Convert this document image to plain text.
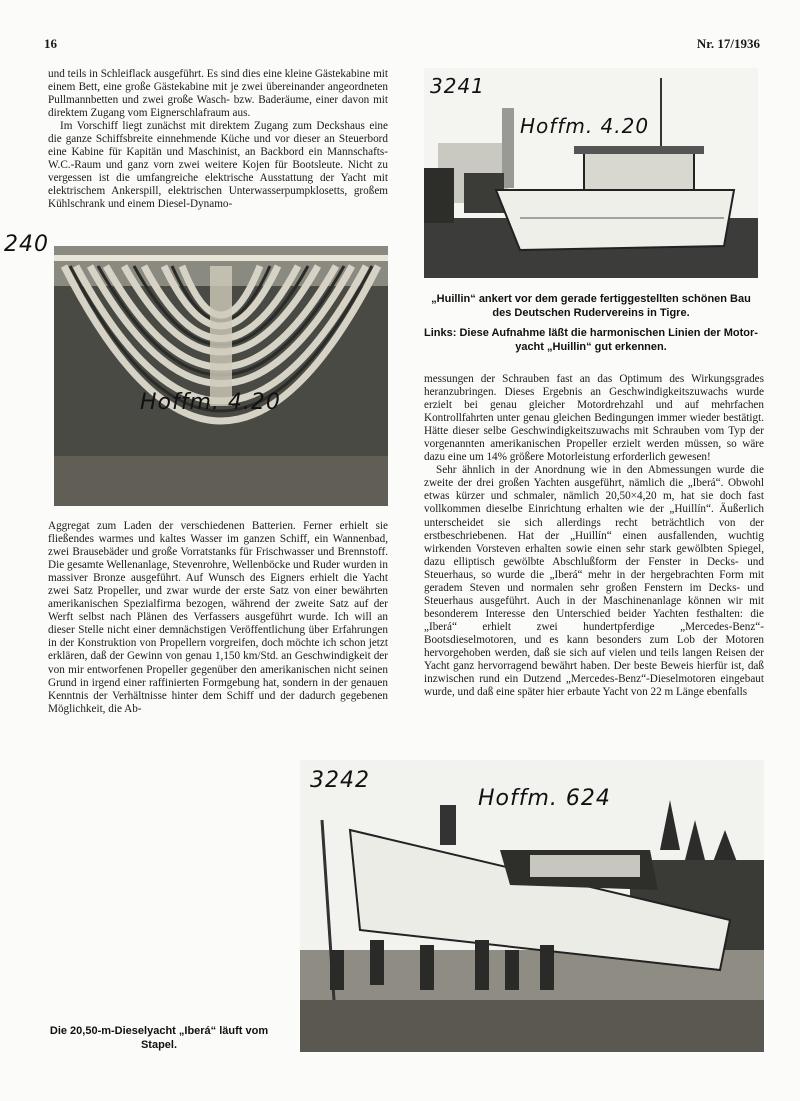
16	Nr. 17/1936

und teils in Schleiflack ausgeführt. Es sind dies eine kleine Gästekabine mit einem Bett, eine große Gästekabine mit je zwei übereinander angeordneten Pullmannbetten und zwei große Wasch- bzw. Baderäume, einer davon mit direktem Zugang vom Eignerschlafraum aus.

Im Vorschiff liegt zunächst mit direktem Zugang zum Deckshaus eine die ganze Schiffsbreite einnehmende Küche und vor dieser an Steuerbord eine Kabine für Kapitän und Maschinist, an Backbord ein Mannschafts-W.C.-Raum und ganz vorn zwei weitere Kojen für Bootsleute. Nicht zu vergessen ist die umfangreiche elektrische Ausstattung der Yacht mit elektrischem Ankerspill, elektrischen Unterwasserpumpklosetts, großem Kühlschrank und einem Diesel-Dynamo-

240
Hoffm. 4.20

Aggregat zum Laden der verschiedenen Batterien. Ferner erhielt sie fließendes warmes und kaltes Wasser im ganzen Schiff, ein Wannenbad, zwei Brausebäder und große Vorratstanks für Frischwasser und Brennstoff. Die gesamte Wellenanlage, Stevenrohre, Wellenböcke und Ruder wurden in massiver Bronze ausgeführt. Auf Wunsch des Eigners erhielt die Yacht zwei Satz Propeller, und zwar wurde der erste Satz von einer bewährten amerikanischen Spezialfirma bezogen, während der zweite Satz auf der Werft selbst nach Plänen des Verfassers ausgeführt wurde. Ich will an dieser Stelle nicht einer demnächstigen Veröffentlichung über Erfahrungen in der Konstruktion von Propellern vorgreifen, doch möchte ich schon jetzt erklären, daß der Gewinn von genau 1,150 km/Std. an Geschwindigkeit der von mir entworfenen Propeller gegenüber den amerikanischen nicht seinen Grund in irgend einer raffinierten Formgebung hat, sondern in der genauen Kenntnis der Verhältnisse hinter dem Schiff und der dadurch gegebenen Möglichkeit, die Ab-

3241
Hoffm. 4.20
„Huillin“ ankert vor dem gerade fertiggestellten schönen Bau
des Deutschen Rudervereins in Tigre.
Links: Diese Aufnahme läßt die harmonischen Linien der Motor-
yacht „Huillin“ gut erkennen.

messungen der Schrauben fast an das Optimum des Wirkungsgrades heranzubringen. Dieses Ergebnis an Geschwindigkeitszuwachs wurde erzielt bei genau gleicher Motordrehzahl und auf mehrfachen Kontrollfahrten unter genau gleichen Bedingungen immer wieder bestätigt. Hätte dieser selbe Geschwindigkeitszuwachs mit Schrauben vom Typ der vorgenannten amerikanischen Propeller erzielt werden müssen, so wäre dazu eine um 14% größere Motorleistung erforderlich gewesen!

Sehr ähnlich in der Anordnung wie in den Abmessungen wurde die zweite der drei großen Yachten ausgeführt, nämlich die „Iberá“. Obwohl etwas kürzer und schmaler, nämlich 20,50×4,20 m, hat sie doch fast vollkommen dieselbe Einrichtung erhalten wie der „Huillín“. Äußerlich unterscheidet sie sich allerdings recht beträchtlich von der erstbeschriebenen. Hat der „Huillín“ einen ausfallenden, wuchtig wirkenden Vorsteven erhalten sowie einen sehr stark gewölbten Spiegel, dazu elliptisch gewölbte Abschlußform der Fenster in Decks- und Steuerhaus, so wurde die „Iberá“ mehr in der hergebrachten Form mit geradem Steven und normalen sehr großen Fenstern im Decks- und Steuerhaus ausgeführt. Auch in der Maschinenanlage können wir mit besonderem Interesse den Unterschied beider Yachten festhalten: die „Iberá“ erhielt zwei hundertpferdige „Mercedes-Benz“-Bootsdieselmotoren, und es kann besonders zum Lob der Motoren hervorgehoben werden, daß sie sich auf vielen und teils langen Reisen der Yacht ganz hervorragend bewährt haben. Der beste Beweis hierfür ist, daß inzwischen rund ein Dutzend „Mercedes-Benz“-Dieselmotoren eingebaut wurde, und daß eine später hier erbaute Yacht von 22 m Länge ebenfalls

3242
Hoffm. 624
Die 20,50-m-Dieselyacht „Iberá“ läuft vom
Stapel.
